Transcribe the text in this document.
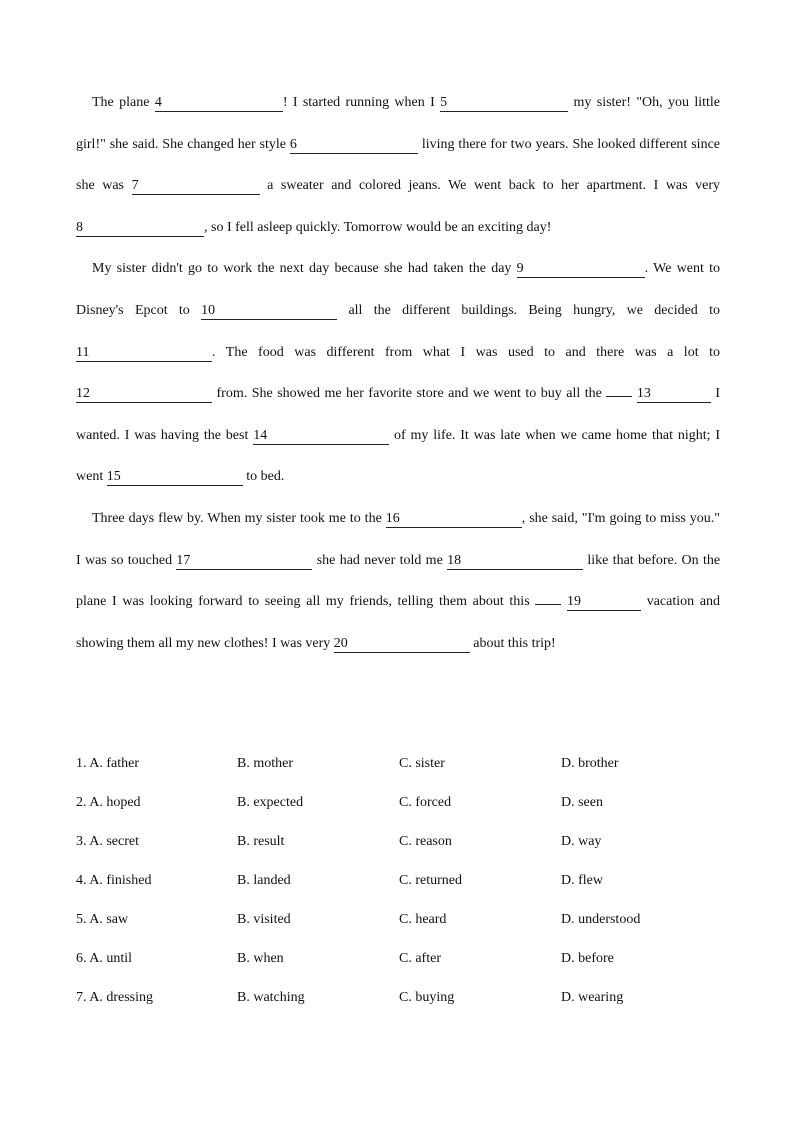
The plane 4	! I started running when I 5	my sister! "Oh, you little girl!" she said. She changed her style 6	living there for two years. She looked different since she was 7	a sweater and colored jeans. We went back to her apartment. I was very 8	, so I fell asleep quickly. Tomorrow would be an exciting day!

My sister didn't go to work the next day because she had taken the day 9	. We went to Disney's Epcot to 10	all the different buildings. Being hungry, we decided to 11	. The food was different from what I was used to and there was a lot to 12	from. She showed me her favorite store and we went to buy all the	13	I wanted. I was having the best 14	of my life. It was late when we came home that night; I went 15	to bed.

Three days flew by. When my sister took me to the 16	, she said, "I'm going to miss you." I was so touched 17	she had never told me 18	like that before. On the plane I was looking forward to seeing all my friends, telling them about this	19	vacation and showing them all my new clothes! I was very 20	about this trip!

1. A. father	B. mother	C. sister	D. brother
2. A. hoped	B. expected	C. forced	D. seen
3. A. secret	B. result	C. reason	D. way
4. A. finished	B. landed	C. returned	D. flew
5. A. saw	B. visited	C. heard	D. understood
6. A. until	B. when	C. after	D. before
7. A. dressing	B. watching	C. buying	D. wearing
